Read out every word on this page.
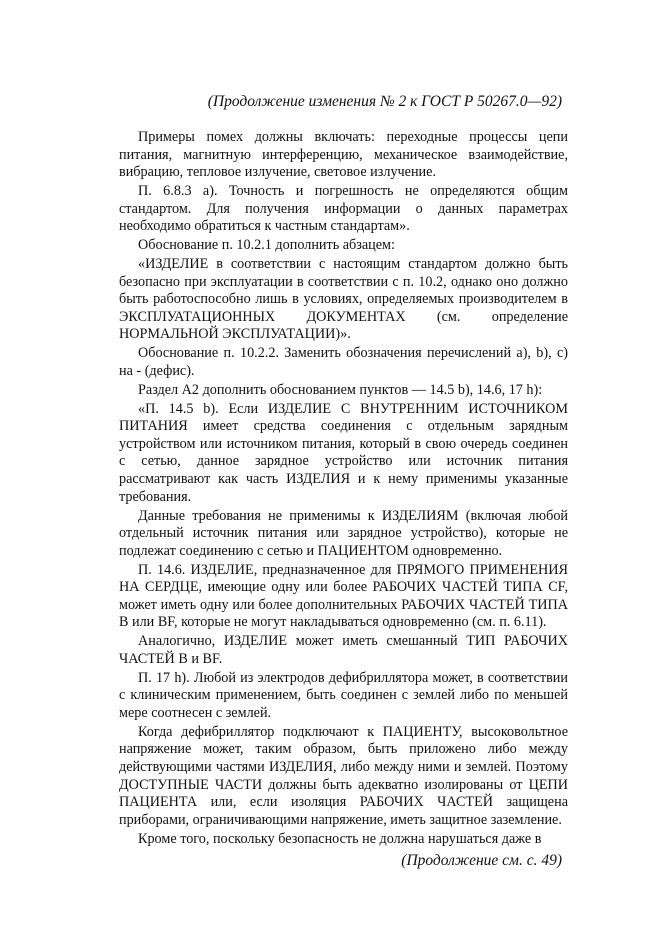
(Продолжение изменения № 2 к ГОСТ Р 50267.0—92)

Примеры помех должны включать: переходные процессы цепи питания, магнитную интерференцию, механическое взаимодействие, вибрацию, тепловое излучение, световое излучение.

П. 6.8.3 а). Точность и погрешность не определяются общим стандартом. Для получения информации о данных параметрах необходимо обратиться к частным стандартам».

Обоснование п. 10.2.1 дополнить абзацем:

«ИЗДЕЛИЕ в соответствии с настоящим стандартом должно быть безопасно при эксплуатации в соответствии с п. 10.2, однако оно должно быть работоспособно лишь в условиях, определяемых производителем в ЭКСПЛУАТАЦИОННЫХ ДОКУМЕНТАХ (см. определение НОРМАЛЬНОЙ ЭКСПЛУАТАЦИИ)».

Обоснование п. 10.2.2. Заменить обозначения перечислений а), b), с) на - (дефис).

Раздел А2 дополнить обоснованием пунктов — 14.5 b), 14.6, 17 h):

«П. 14.5 b). Если ИЗДЕЛИЕ С ВНУТРЕННИМ ИСТОЧНИКОМ ПИТАНИЯ имеет средства соединения с отдельным зарядным устройством или источником питания, который в свою очередь соединен с сетью, данное зарядное устройство или источник питания рассматривают как часть ИЗДЕЛИЯ и к нему применимы указанные требования.

Данные требования не применимы к ИЗДЕЛИЯМ (включая любой отдельный источник питания или зарядное устройство), которые не подлежат соединению с сетью и ПАЦИЕНТОМ одновременно.

П. 14.6. ИЗДЕЛИЕ, предназначенное для ПРЯМОГО ПРИМЕНЕНИЯ НА СЕРДЦЕ, имеющие одну или более РАБОЧИХ ЧАСТЕЙ ТИПА CF, может иметь одну или более дополнительных РАБОЧИХ ЧАСТЕЙ ТИПА В или BF, которые не могут накладываться одновременно (см. п. 6.11).

Аналогично, ИЗДЕЛИЕ может иметь смешанный ТИП РАБОЧИХ ЧАСТЕЙ В и BF.

П. 17 h). Любой из электродов дефибриллятора может, в соответствии с клиническим применением, быть соединен с землей либо по меньшей мере соотнесен с землей.

Когда дефибриллятор подключают к ПАЦИЕНТУ, высоковольтное напряжение может, таким образом, быть приложено либо между действующими частями ИЗДЕЛИЯ, либо между ними и землей. Поэтому ДОСТУПНЫЕ ЧАСТИ должны быть адекватно изолированы от ЦЕПИ ПАЦИЕНТА или, если изоляция РАБОЧИХ ЧАСТЕЙ защищена приборами, ограничивающими напряжение, иметь защитное заземление.

Кроме того, поскольку безопасность не должна нарушаться даже в

(Продолжение см. с. 49)
